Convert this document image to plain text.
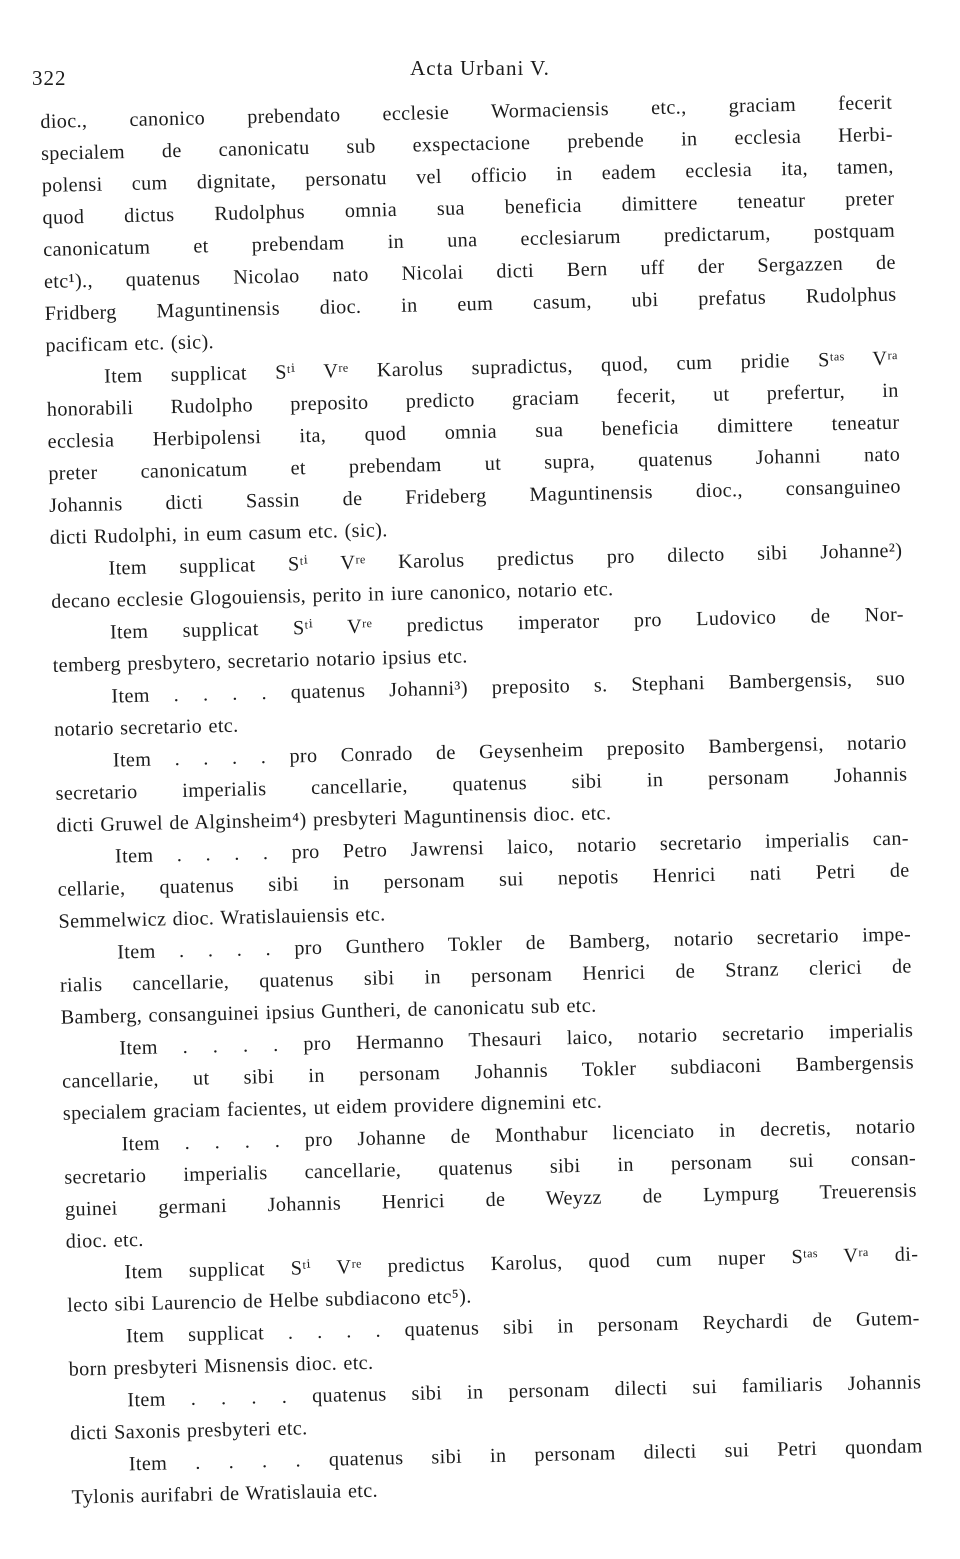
322	Acta Urbani V.
dioc., canonico prebendato ecclesie Wormaciensis etc., graciam fecerit
specialem de canonicatu sub exspectacione prebende in ecclesia Herbi-
polensi cum dignitate, personatu vel officio in eadem ecclesia ita, tamen,
quod dictus Rudolphus omnia sua beneficia dimittere teneatur preter
canonicatum et prebendam in una ecclesiarum predictarum, postquam
etc¹)., quatenus Nicolao nato Nicolai dicti Bern uff der Sergazzen de
Fridberg Maguntinensis dioc. in eum casum, ubi prefatus Rudolphus
pacificam etc. (sic).
Item supplicat Sᵗⁱ Vʳᵉ Karolus supradictus, quod, cum pridie Sᵗᵃˢ Vʳᵃ
honorabili Rudolpho preposito predicto graciam fecerit, ut prefertur, in
ecclesia Herbipolensi ita, quod omnia sua beneficia dimittere teneatur
preter canonicatum et prebendam ut supra, quatenus Johanni nato
Johannis dicti Sassin de Frideberg Maguntinensis dioc., consanguineo
dicti Rudolphi, in eum casum etc. (sic).
Item supplicat Sᵗⁱ Vʳᵉ Karolus predictus pro dilecto sibi Johanne²)
decano ecclesie Glogouiensis, perito in iure canonico, notario etc.
Item supplicat Sᵗⁱ Vʳᵉ predictus imperator pro Ludovico de Nor-
temberg presbytero, secretario notario ipsius etc.
Item . . . . quatenus Johanni³) preposito s. Stephani Bambergensis, suo
notario secretario etc.
Item . . . . pro Conrado de Geysenheim preposito Bambergensi, notario
secretario imperialis cancellarie, quatenus sibi in personam Johannis
dicti Gruwel de Alginsheim⁴) presbyteri Maguntinensis dioc. etc.
Item . . . . pro Petro Jawrensi laico, notario secretario imperialis can-
cellarie, quatenus sibi in personam sui nepotis Henrici nati Petri de
Semmelwicz dioc. Wratislauiensis etc.
Item . . . . pro Gunthero Tokler de Bamberg, notario secretario impe-
rialis cancellarie, quatenus sibi in personam Henrici de Stranz clerici de
Bamberg, consanguinei ipsius Guntheri, de canonicatu sub etc.
Item . . . . pro Hermanno Thesauri laico, notario secretario imperialis
cancellarie, ut sibi in personam Johannis Tokler subdiaconi Bambergensis
specialem graciam facientes, ut eidem providere dignemini etc.
Item . . . . pro Johanne de Monthabur licenciato in decretis, notario
secretario imperialis cancellarie, quatenus sibi in personam sui consan-
guinei germani Johannis Henrici de Weyzz de Lympurg Treuerensis
dioc. etc.
Item supplicat Sᵗⁱ Vʳᵉ predictus Karolus, quod cum nuper Sᵗᵃˢ Vʳᵃ di-
lecto sibi Laurencio de Helbe subdiacono etc⁵).
Item supplicat . . . . quatenus sibi in personam Reychardi de Gutem-
born presbyteri Misnensis dioc. etc.
Item . . . . quatenus sibi in personam dilecti sui familiaris Johannis
dicti Saxonis presbyteri etc.
Item . . . . quatenus sibi in personam dilecti sui Petri quondam
Tylonis aurifabri de Wratislauia etc.
